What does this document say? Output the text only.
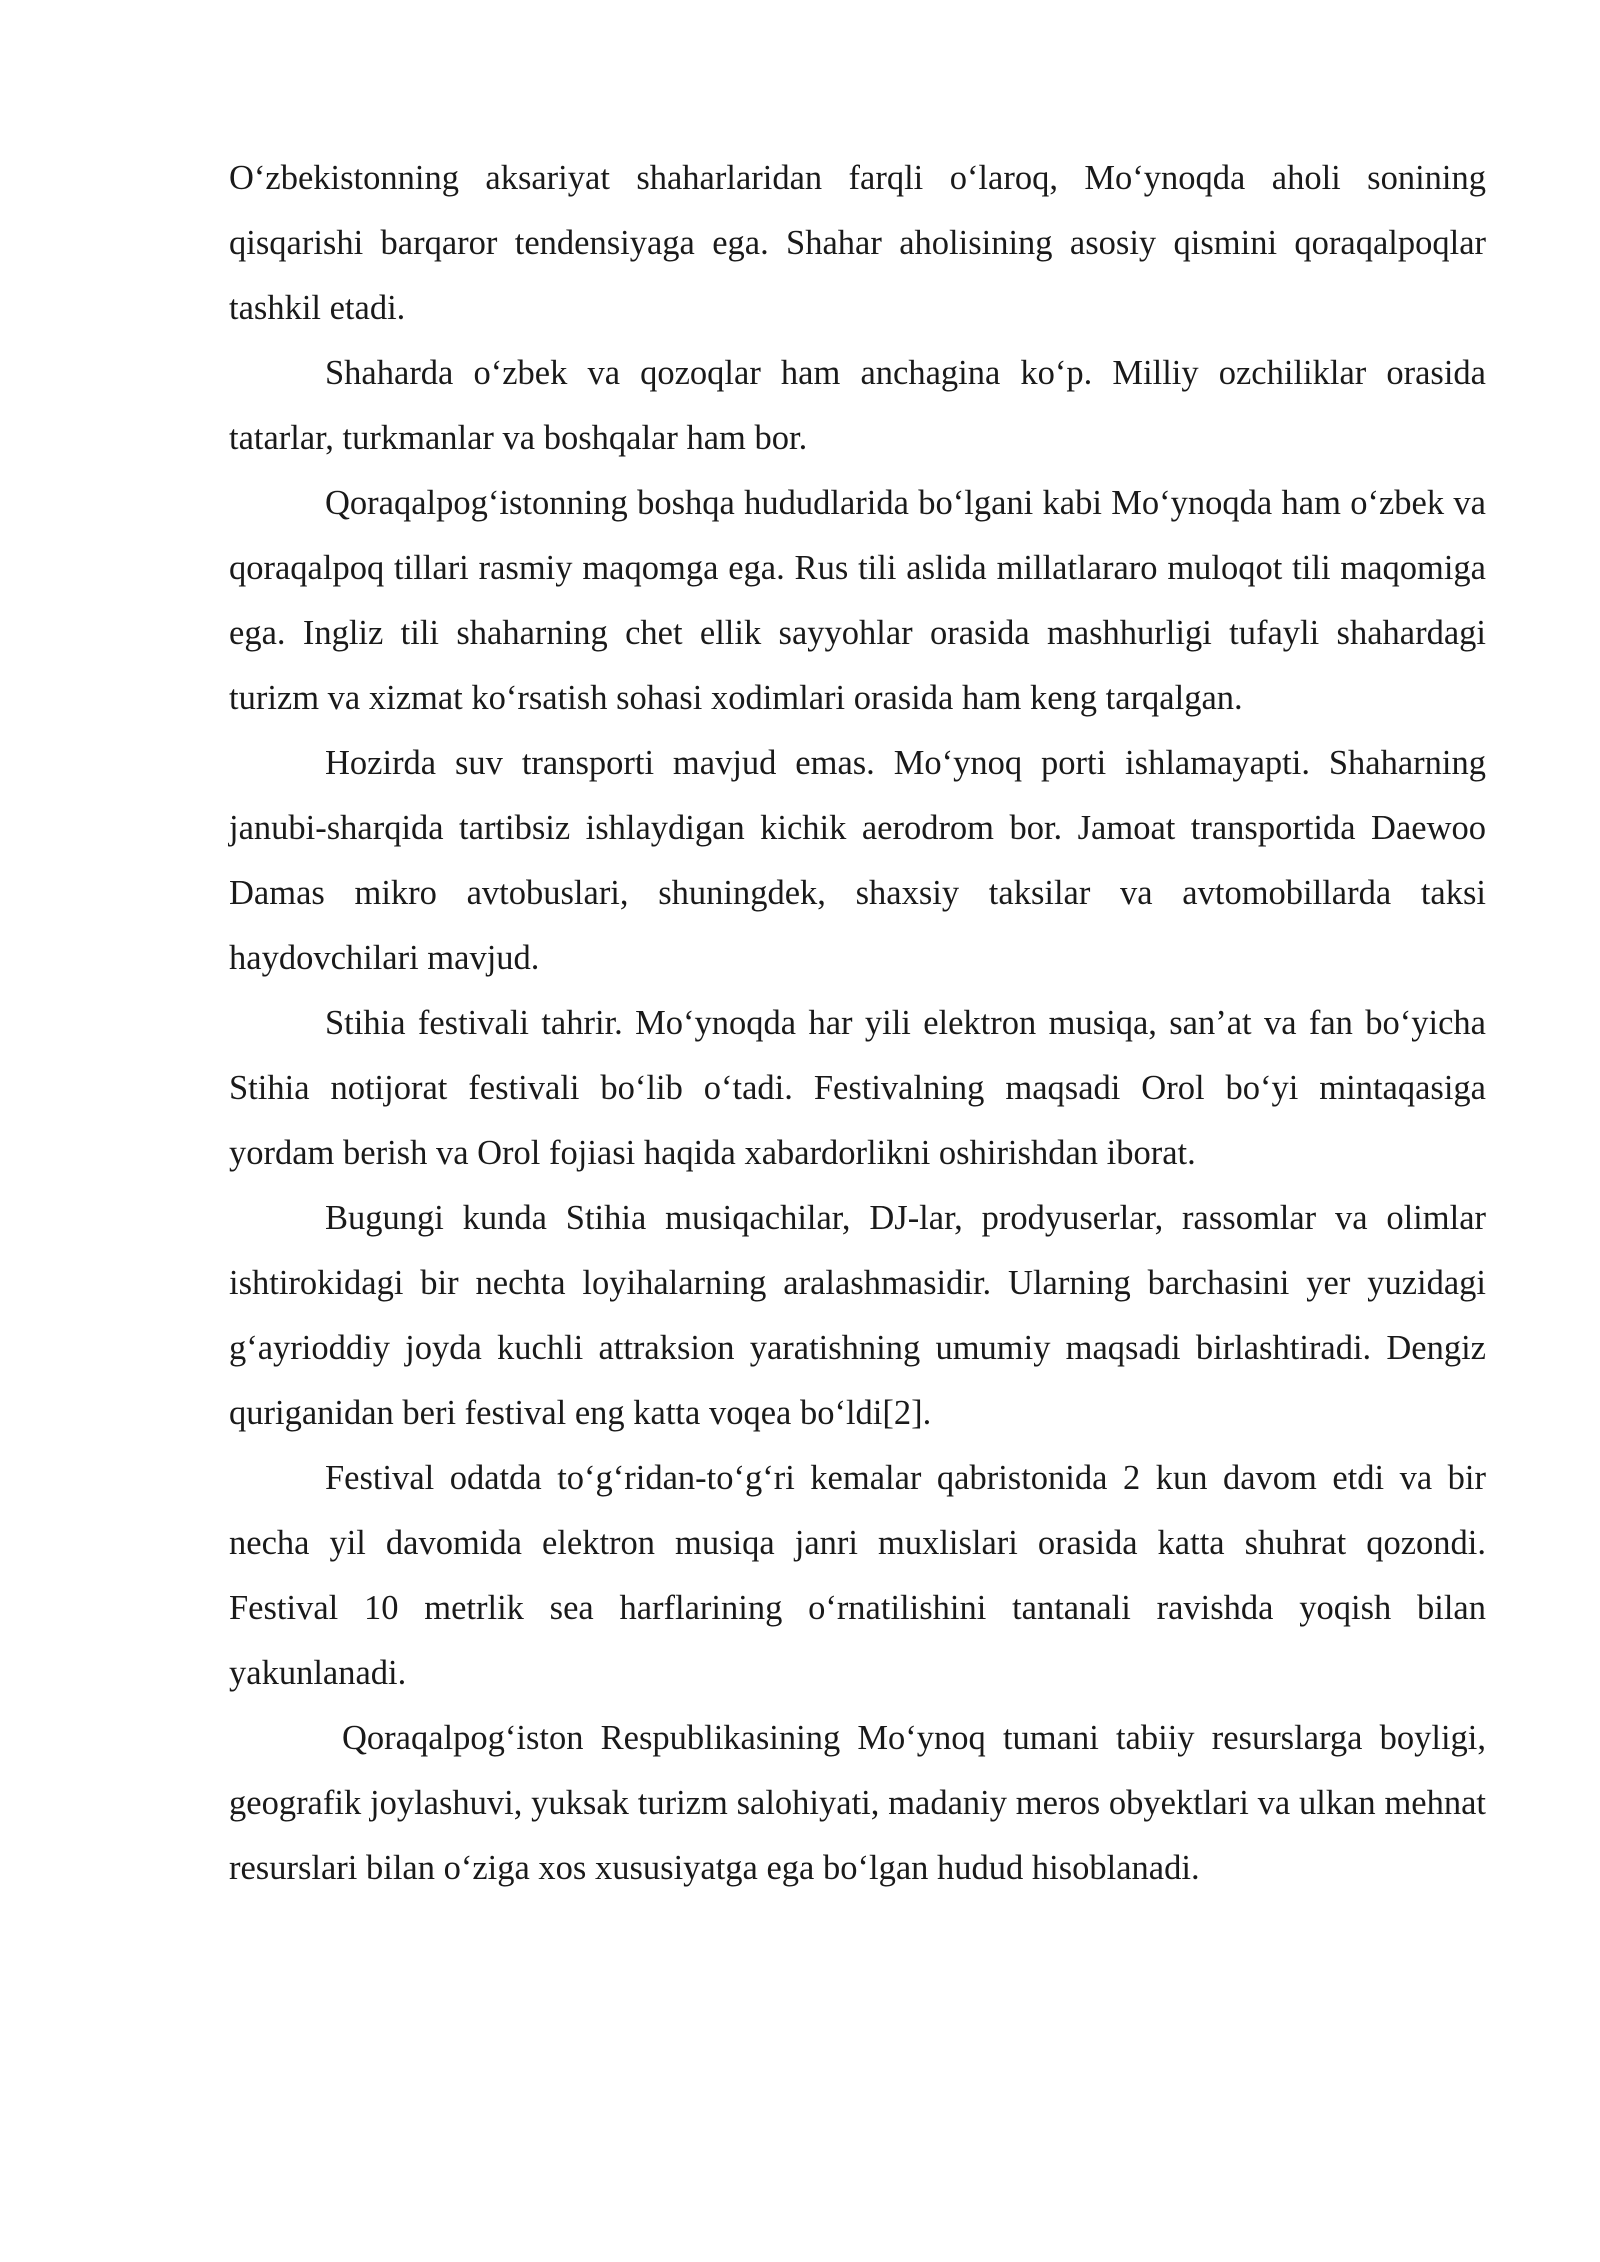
O‘zbekistonning aksariyat shaharlaridan farqli o‘laroq, Mo‘ynoqda aholi sonining qisqarishi barqaror tendensiyaga ega. Shahar aholisining asosiy qismini qoraqalpoqlar tashkil etadi.

Shaharda o‘zbek va qozoqlar ham anchagina ko‘p. Milliy ozchiliklar orasida tatarlar, turkmanlar va boshqalar ham bor.

Qoraqalpog‘istonning boshqa hududlarida bo‘lgani kabi Mo‘ynoqda ham o‘zbek va qoraqalpoq tillari rasmiy maqomga ega. Rus tili aslida millatlararo muloqot tili maqomiga ega. Ingliz tili shaharning chet ellik sayyohlar orasida mashhurligi tufayli shahardagi turizm va xizmat ko‘rsatish sohasi xodimlari orasida ham keng tarqalgan.

Hozirda suv transporti mavjud emas. Mo‘ynoq porti ishlamayapti. Shaharning janubi-sharqida tartibsiz ishlaydigan kichik aerodrom bor. Jamoat transportida Daewoo Damas mikro avtobuslari, shuningdek, shaxsiy taksilar va avtomobillarda taksi haydovchilari mavjud.

Stihia festivali tahrir. Mo‘ynoqda har yili elektron musiqa, san’at va fan bo‘yicha Stihia notijorat festivali bo‘lib o‘tadi. Festivalning maqsadi Orol bo‘yi mintaqasiga yordam berish va Orol fojiasi haqida xabardorlikni oshirishdan iborat.

Bugungi kunda Stihia musiqachilar, DJ-lar, prodyuserlar, rassomlar va olimlar ishtirokidagi bir nechta loyihalarning aralashmasidir. Ularning barchasini yer yuzidagi g‘ayrioddiy joyda kuchli attraksion yaratishning umumiy maqsadi birlashtiradi. Dengiz quriganidan beri festival eng katta voqea bo‘ldi[2].

Festival odatda to‘g‘ridan-to‘g‘ri kemalar qabristonida 2 kun davom etdi va bir necha yil davomida elektron musiqa janri muxlislari orasida katta shuhrat qozondi. Festival 10 metrlik sea harflarining o‘rnatilishini tantanali ravishda yoqish bilan yakunlanadi.

Qoraqalpog‘iston Respublikasining Mo‘ynoq tumani tabiiy resurslarga boyligi, geografik joylashuvi, yuksak turizm salohiyati, madaniy meros obyektlari va ulkan mehnat resurslari bilan o‘ziga xos xususiyatga ega bo‘lgan hudud hisoblanadi.
